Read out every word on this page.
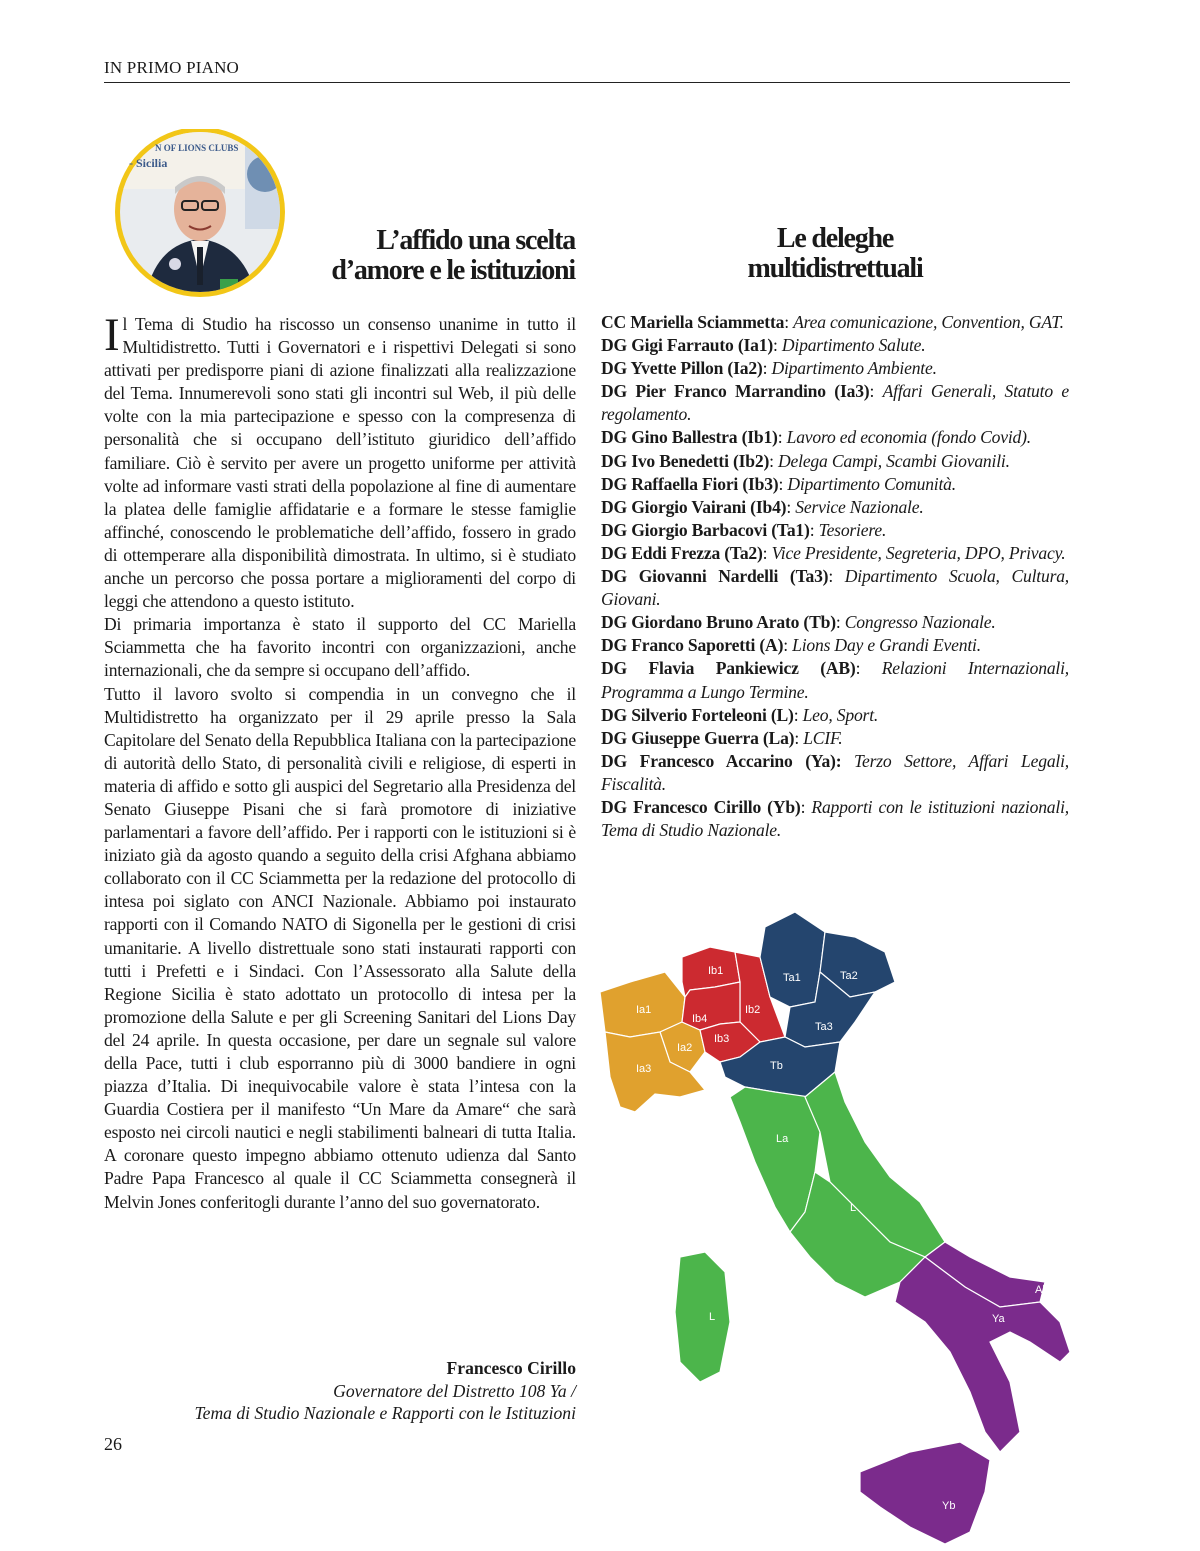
IN PRIMO PIANO
N OF LIONS CLUBS
- Sicilia
L’affido una scelta
d’amore e le istituzioni
Le deleghe
multidistrettuali

Il Tema di Studio ha riscosso un consenso unanime in tutto il Multidistretto. Tutti i Governatori e i rispettivi Delegati si sono attivati per predisporre piani di azione finalizzati alla realizzazione del Tema. Innumerevoli sono stati gli incontri sul Web, il più delle volte con la mia partecipazione e spesso con la compresenza di personalità che si occupano dell’istituto giuridico dell’affido familiare. Ciò è servito per avere un progetto uniforme per attività volte ad informare vasti strati della popolazione al fine di aumentare la platea delle famiglie affidatarie e a formare le stesse famiglie affinché, conoscendo le problematiche dell’affido, fossero in grado di ottemperare alla disponibilità dimostrata. In ultimo, si è studiato anche un percorso che possa portare a miglioramenti del corpo di leggi che attendono a questo istituto.

Di primaria importanza è stato il supporto del CC Mariella Sciammetta che ha favorito incontri con organizzazioni, anche internazionali, che da sempre si occupano dell’affido.

Tutto il lavoro svolto si compendia in un convegno che il Multidistretto ha organizzato per il 29 aprile presso la Sala Capitolare del Senato della Repubblica Italiana con la partecipazione di autorità dello Stato, di personalità civili e religiose, di esperti in materia di affido e sotto gli auspici del Segretario alla Presidenza del Senato Giuseppe Pisani che si farà promotore di iniziative parlamentari a favore dell’affido. Per i rapporti con le istituzioni si è iniziato già da agosto quando a seguito della crisi Afghana abbiamo collaborato con il CC Sciammetta per la redazione del protocollo di intesa poi siglato con ANCI Nazionale. Abbiamo poi instaurato rapporti con il Comando NATO di Sigonella per le gestioni di crisi umanitarie. A livello distrettuale sono stati instaurati rapporti con tutti i Prefetti e i Sindaci. Con l’Assessorato alla Salute della Regione Sicilia è stato adottato un protocollo di intesa per la promozione della Salute e per gli Screening Sanitari del Lions Day del 24 aprile. In questa occasione, per dare un segnale sul valore della Pace, tutti i club esporranno più di 3000 bandiere in ogni piazza d’Italia. Di inequivocabile valore è stata l’intesa con la Guardia Costiera per il manifesto “Un Mare da Amare“ che sarà esposto nei circoli nautici e negli stabilimenti balneari di tutta Italia. A coronare questo impegno abbiamo ottenuto udienza dal Santo Padre Papa Francesco al quale il CC Sciammetta consegnerà il Melvin Jones conferitogli durante l’anno del suo governatorato.

Francesco Cirillo
Governatore del Distretto 108 Ya /
Tema di Studio Nazionale e Rapporti con le Istituzioni
CC Mariella Sciammetta: Area comunicazione, Convention, GAT.
DG Gigi Farrauto (Ia1): Dipartimento Salute.
DG Yvette Pillon (Ia2): Dipartimento Ambiente.
DG Pier Franco Marrandino (Ia3): Affari Generali, Statuto e regolamento.
DG Gino Ballestra (Ib1): Lavoro ed economia (fondo Covid).
DG Ivo Benedetti (Ib2): Delega Campi, Scambi Giovanili.
DG Raffaella Fiori (Ib3): Dipartimento Comunità.
DG Giorgio Vairani (Ib4): Service Nazionale.
DG Giorgio Barbacovi (Ta1): Tesoriere.
DG Eddi Frezza (Ta2): Vice Presidente, Segreteria, DPO, Privacy.
DG Giovanni Nardelli (Ta3): Dipartimento Scuola, Cultura, Giovani.
DG Giordano Bruno Arato (Tb): Congresso Nazionale.
DG Franco Saporetti (A): Lions Day e Grandi Eventi.
DG Flavia Pankiewicz (AB): Relazioni Internazionali, Programma a Lungo Termine.
DG Silverio Forteleoni (L): Leo, Sport.
DG Giuseppe Guerra (La): LCIF.
DG Francesco Accarino (Ya): Terzo Settore, Affari Legali, Fiscalità.
DG Francesco Cirillo (Yb): Rapporti con le istituzioni nazionali, Tema di Studio Nazionale.
Ia1
Ia2
Ia3
Ib1
Ib2
Ib4
Ib3
Ta1	Ta2
Ta3
Tb
La
A
L
L
Ab
Ya
Yb
26
